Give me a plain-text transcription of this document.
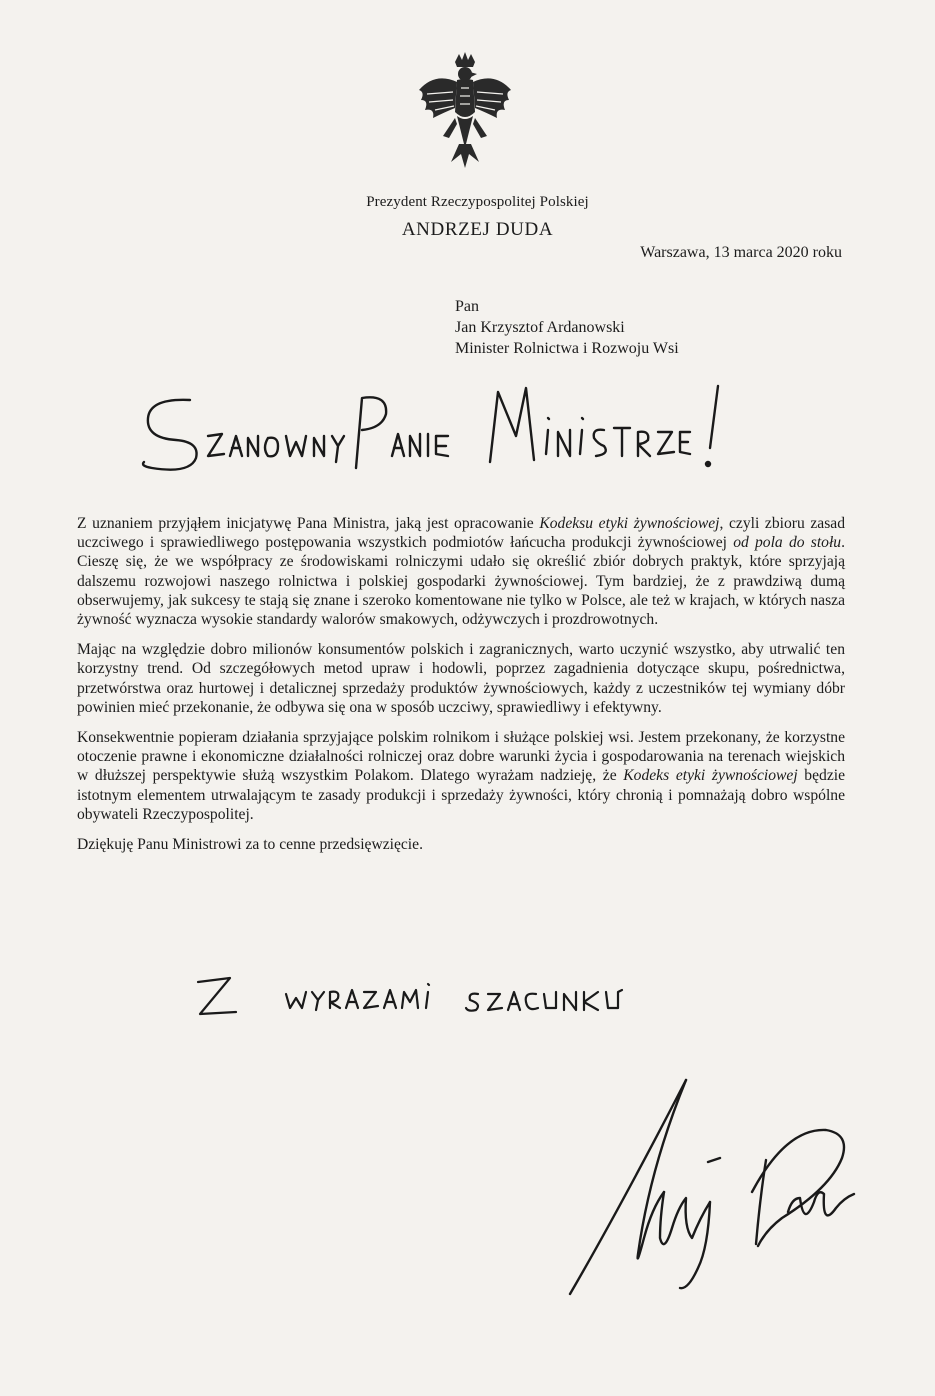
Prezydent Rzeczypospolitej Polskiej
ANDRZEJ DUDA
Warszawa, 13 marca 2020 roku
Pan
Jan Krzysztof Ardanowski
Minister Rolnictwa i Rozwoju Wsi

Z uznaniem przyjąłem inicjatywę Pana Ministra, jaką jest opracowanie Kodeksu etyki żywnościowej, czyli zbioru zasad uczciwego i sprawiedliwego postępowania wszystkich podmiotów łańcucha produkcji żywnościowej od pola do stołu. Cieszę się, że we współpracy ze środowiskami rolniczymi udało się określić zbiór dobrych praktyk, które sprzyjają dalszemu rozwojowi naszego rolnictwa i polskiej gospodarki żywnościowej. Tym bardziej, że z prawdziwą dumą obserwujemy, jak sukcesy te stają się znane i szeroko komentowane nie tylko w Polsce, ale też w krajach, w których nasza żywność wyznacza wysokie standardy walorów smakowych, odżywczych i prozdrowotnych.

Mając na względzie dobro milionów konsumentów polskich i zagranicznych, warto uczynić wszystko, aby utrwalić ten korzystny trend. Od szczegółowych metod upraw i hodowli, poprzez zagadnienia dotyczące skupu, pośrednictwa, przetwórstwa oraz hurtowej i detalicznej sprzedaży produktów żywnościowych, każdy z uczestników tej wymiany dóbr powinien mieć przekonanie, że odbywa się ona w sposób uczciwy, sprawiedliwy i efektywny.

Konsekwentnie popieram działania sprzyjające polskim rolnikom i służące polskiej wsi. Jestem przekonany, że korzystne otoczenie prawne i ekonomiczne działalności rolniczej oraz dobre warunki życia i gospodarowania na terenach wiejskich w dłuższej perspektywie służą wszystkim Polakom. Dlatego wyrażam nadzieję, że Kodeks etyki żywnościowej będzie istotnym elementem utrwalającym te zasady produkcji i sprzedaży żywności, który chronią i pomnażają dobro wspólne obywateli Rzeczypospolitej.

Dziękuję Panu Ministrowi za to cenne przedsięwzięcie.
